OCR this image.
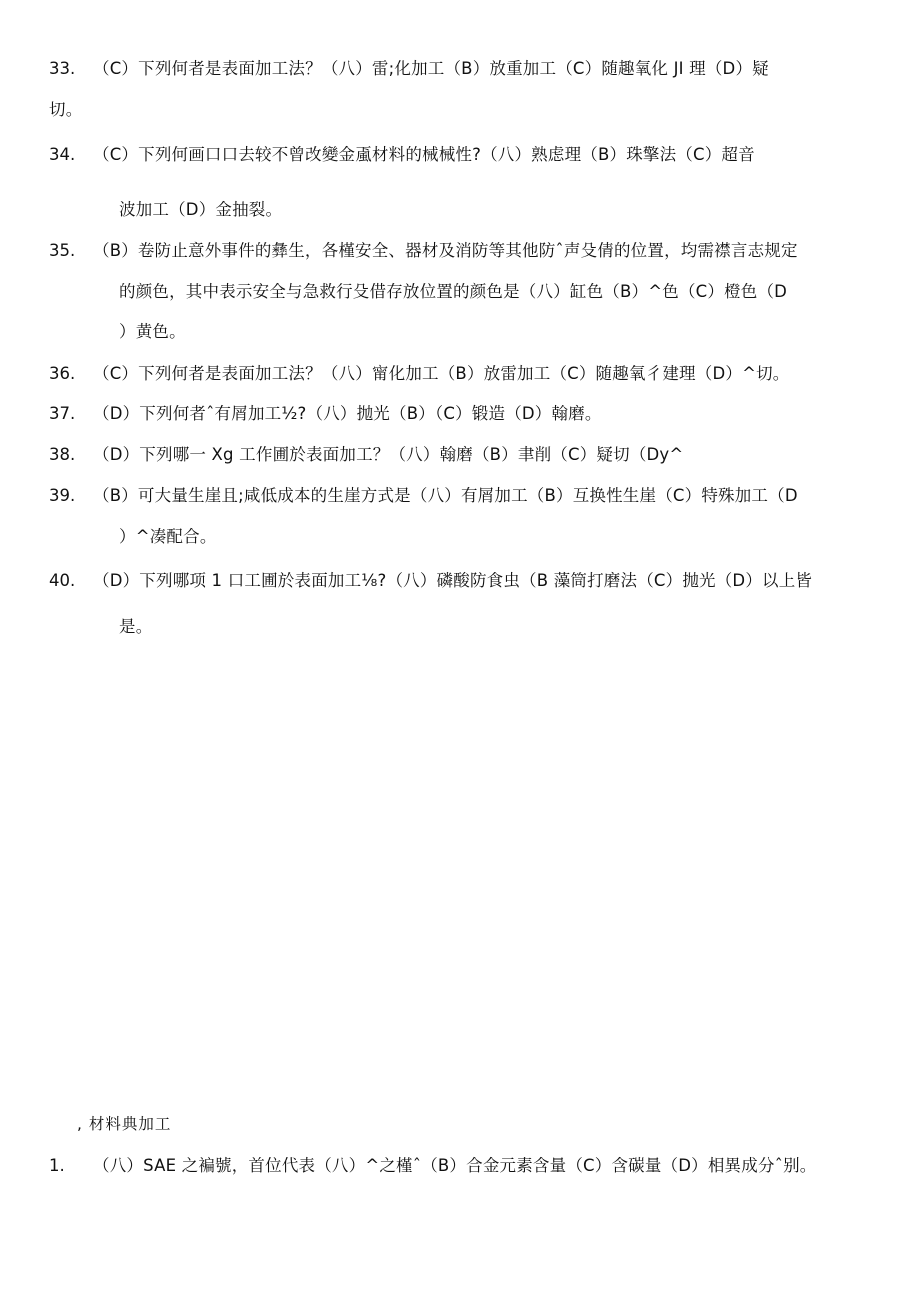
33. （C）下列何者是表面加工法？（八）雷;化加工（B）放重加工（C）随趣氧化 JI 理（D）疑
切。
34. （C）下列何画口口去较不曾改變金颪材料的械械性?（八）熟虑理（B）珠擎法（C）超音
波加工（D）金抽裂。
35. （B）卷防止意外事件的彝生，各槿安全、器材及消防等其他防ˆ声殳倩的位置，均需襟言志规定
的颜色，其中表示安全与急救行殳借存放位置的颜色是（八）缸色（B）^色（C）橙色（D
）黄色。
36. （C）下列何者是表面加工法？（八）甯化加工（B）放雷加工（C）随趣氧彳建理（D）^切。
37. （D）下列何者ˆ有屑加工½?（八）抛光（B）（C）锻造（D）翰磨。
38. （D）下列哪一 Xg 工作圃於表面加工？（八）翰磨（B）聿削（C）疑切（Dy^
39. （B）可大量生崖且;咸低成本的生崖方式是（八）有屑加工（B）互换性生崖（C）特殊加工（D
）^凑配合。
40. （D）下列哪项 1 口工圃於表面加工⅛?（八）磷酸防食虫（B 藻筒打磨法（C）抛光（D）以上皆
是。
, 材料典加工
1. （八）SAE 之褊號，首位代表（八）^之槿ˆ（B）合金元素含量（C）含碳量（D）相異成分ˆ别。
